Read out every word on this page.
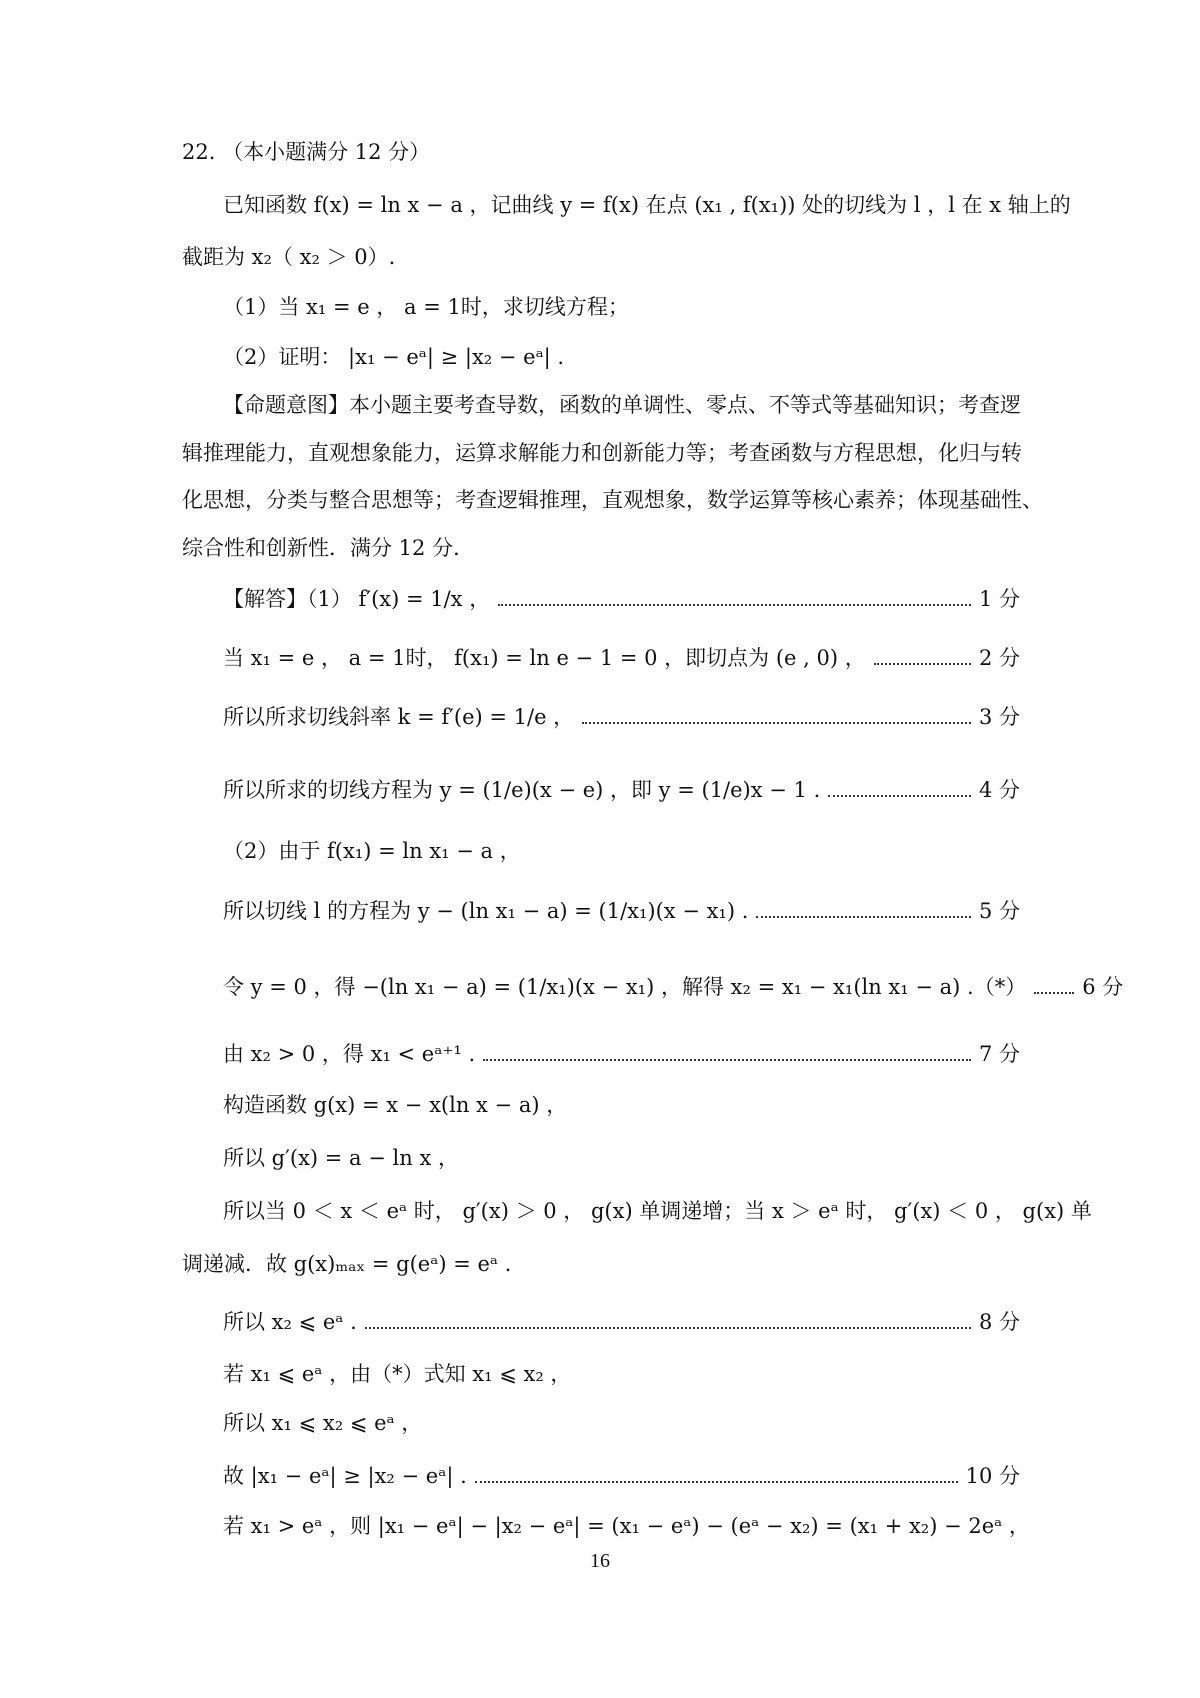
22. （本小题满分 12 分）
已知函数 f(x) = ln x − a ，记曲线 y = f(x) 在点 (x₁ , f(x₁)) 处的切线为 l ，l 在 x 轴上的
截距为 x₂（ x₂ ＞ 0）.
（1）当 x₁ = e ， a = 1时，求切线方程；
（2）证明： |x₁ − eᵃ| ≥ |x₂ − eᵃ| .
【命题意图】本小题主要考查导数，函数的单调性、零点、不等式等基础知识；考查逻
辑推理能力，直观想象能力，运算求解能力和创新能力等；考查函数与方程思想，化归与转
化思想，分类与整合思想等；考查逻辑推理，直观想象，数学运算等核心素养；体现基础性、
综合性和创新性．满分 12 分．
【解答】（1） f′(x) = 1/x ，	1 分
当 x₁ = e ， a = 1时， f(x₁) = ln e − 1 = 0 ，即切点为 (e , 0) ，	2 分
所以所求切线斜率 k = f′(e) = 1/e ，	3 分
所以所求的切线方程为 y = (1/e)(x − e) ，即 y = (1/e)x − 1 .	4 分
（2）由于 f(x₁) = ln x₁ − a ，
所以切线 l 的方程为 y − (ln x₁ − a) = (1/x₁)(x − x₁) .	5 分
令 y = 0 ，得 −(ln x₁ − a) = (1/x₁)(x − x₁) ，解得 x₂ = x₁ − x₁(ln x₁ − a) .（*）	6 分
由 x₂ > 0 ，得 x₁ < eᵃ⁺¹ .	7 分
构造函数 g(x) = x − x(ln x − a) ，
所以 g′(x) = a − ln x ，
所以当 0 ＜ x ＜ eᵃ 时， g′(x) ＞ 0 ， g(x) 单调递增；当 x ＞ eᵃ 时， g′(x) ＜ 0 ， g(x) 单
调递减．故 g(x)ₘₐₓ = g(eᵃ) = eᵃ .
所以 x₂ ⩽ eᵃ .	8 分
若 x₁ ⩽ eᵃ ，由（*）式知 x₁ ⩽ x₂ ，
所以 x₁ ⩽ x₂ ⩽ eᵃ ，
故 |x₁ − eᵃ| ≥ |x₂ − eᵃ| .	10 分
若 x₁ > eᵃ ，则 |x₁ − eᵃ| − |x₂ − eᵃ| = (x₁ − eᵃ) − (eᵃ − x₂) = (x₁ + x₂) − 2eᵃ ，
16
